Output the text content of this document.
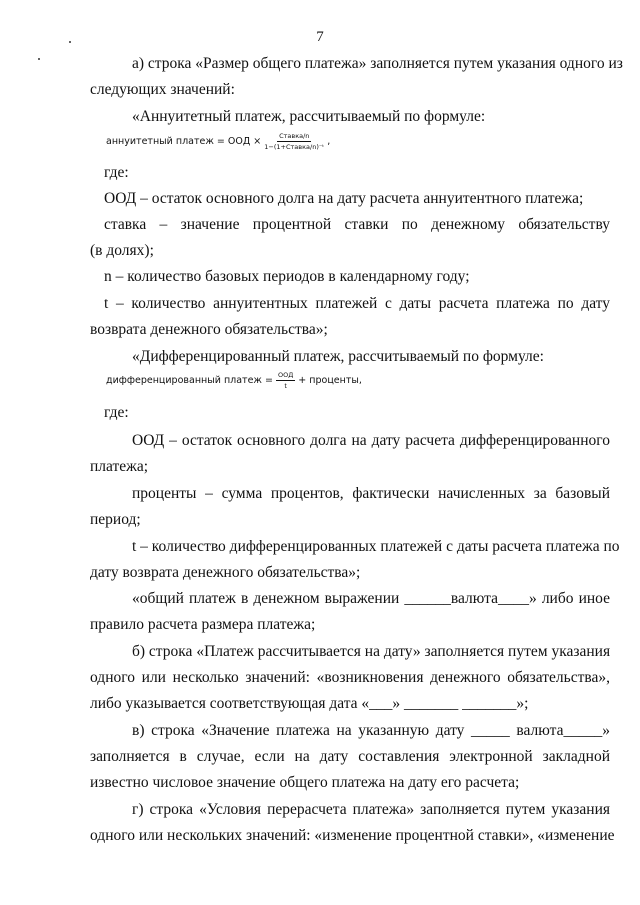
7
а) строка «Размер общего платежа» заполняется путем указания одного из
следующих значений:
«Аннуитетный платеж, рассчитываемый по формуле:
аннуитетный платеж = ООД × $\frac{\text{Ставка/n}}{\text{1−(1+Ставка/n)⁻ᵗ}}$ ,
где:
ООД – остаток основного долга на дату расчета аннуитентного платежа;
ставка – значение процентной ставки по денежному обязательству
(в долях);
n – количество базовых периодов в календарному году;
t – количество аннуитентных платежей с даты расчета платежа по дату
возврата денежного обязательства»;
«Дифференцированный платеж, рассчитываемый по формуле:
дифференцированный платеж = $\frac{\text{ООД}}{t}$ + проценты,
где:
ООД – остаток основного долга на дату расчета дифференцированного
платежа;
проценты – сумма процентов, фактически начисленных за базовый
период;
t – количество дифференцированных платежей с даты расчета платежа по
дату возврата денежного обязательства»;
«общий платеж в денежном выражении ______валюта____» либо иное
правило расчета размера платежа;
б) строка «Платеж рассчитывается на дату» заполняется путем указания
одного или несколько значений: «возникновения денежного обязательства»,
либо указывается соответствующая дата «___» _______ _______»;
в) строка «Значение платежа на указанную дату _____ валюта_____»
заполняется в случае, если на дату составления электронной закладной
известно числовое значение общего платежа на дату его расчета;
г) строка «Условия перерасчета платежа» заполняется путем указания
одного или нескольких значений: «изменение процентной ставки», «изменение
